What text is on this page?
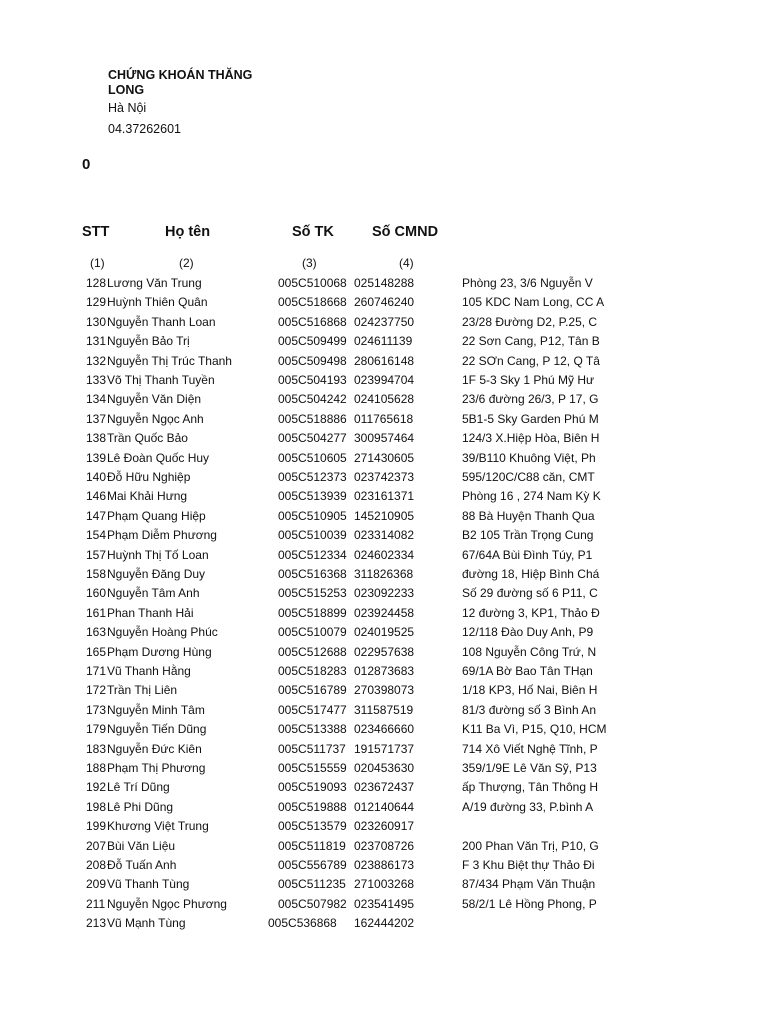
CHỨNG KHOÁN THĂNG LONG
Hà Nội
04.37262601
0
STT	Họ tên	Số TK	Số CMND
(1)	(2)	(3)	(4)
128 Lương Văn Trung	005C510068 025148288	Phòng 23, 3/6 Nguyễn V
129 Huỳnh Thiên Quân	005C518668 260746240	105 KDC Nam Long, CC A
130 Nguyễn Thanh Loan	005C516868 024237750	23/28 Đường D2, P.25, C
131 Nguyễn Bảo Trị	005C509499 024611139	22 Sơn Cang, P12, Tân B
132 Nguyễn Thị Trúc Thanh	005C509498 280616148	22 SƠn Cang, P 12, Q Tâ
133 Võ Thị Thanh Tuyền	005C504193 023994704	1F 5-3 Sky 1 Phú Mỹ Hư
134 Nguyễn Văn Diện	005C504242 024105628	23/6 đường 26/3, P 17, G
137 Nguyễn Ngọc Anh	005C518886 011765618	5B1-5 Sky Garden Phú M
138 Trần Quốc Bảo	005C504277 300957464	124/3 X.Hiệp Hòa, Biên H
139 Lê Đoàn Quốc Huy	005C510605 271430605	39/B110 Khuông Việt, Ph
140 Đỗ Hữu Nghiệp	005C512373 023742373	595/120C/C88 căn, CMT
146 Mai Khải Hưng	005C513939 023161371	Phòng 16 , 274 Nam Kỳ K
147 Phạm Quang Hiệp	005C510905 145210905	88 Bà Huyện Thanh Qua
154 Phạm Diễm Phương	005C510039 023314082	B2 105 Trần Trọng Cung
157 Huỳnh Thị Tố Loan	005C512334 024602334	67/64A Bùi Đình Túy, P1
158 Nguyễn Đăng Duy	005C516368 311826368	đường 18, Hiệp Bình Chá
160 Nguyễn Tâm Anh	005C515253 023092233	Số 29 đường số 6 P11, C
161 Phan Thanh Hải	005C518899 023924458	12 đường 3, KP1, Thảo Đ
163 Nguyễn Hoàng Phúc	005C510079 024019525	12/118 Đào Duy Anh, P9
165 Phạm Dương Hùng	005C512688 022957638	108 Nguyễn Công Trứ, N
171 Vũ Thanh Hằng	005C518283 012873683	69/1A Bờ Bao Tân THạn
172 Trần Thị Liên	005C516789 270398073	1/18 KP3, Hố Nai, Biên H
173 Nguyễn Minh Tâm	005C517477 311587519	81/3 đường số 3 Bình An
179 Nguyễn Tiến Dũng	005C513388 023466660	K11 Ba Vì, P15, Q10, HCM
183 Nguyễn Đức Kiên	005C511737 191571737	714 Xô Viết Nghệ Tĩnh, P
188 Phạm Thị Phương	005C515559 020453630	359/1/9E Lê Văn Sỹ, P13
192 Lê Trí Dũng	005C519093 023672437	ấp Thượng, Tân Thông H
198 Lê Phi Dũng	005C519888 012140644	A/19 đường 33, P.bình A
199 Khương Việt Trung	005C513579 023260917
207 Bùi Văn Liệu	005C511819 023708726	200 Phan Văn Trị, P10, G
208 Đỗ Tuấn Anh	005C556789 023886173	F 3 Khu Biệt thự Thảo Đi
209 Vũ Thanh Tùng	005C511235 271003268	87/434 Phạm Văn Thuận
211 Nguyễn Ngọc Phương	005C507982 023541495	58/2/1 Lê Hồng Phong, P
213 Vũ Mạnh Tùng	005C536868 162444202
